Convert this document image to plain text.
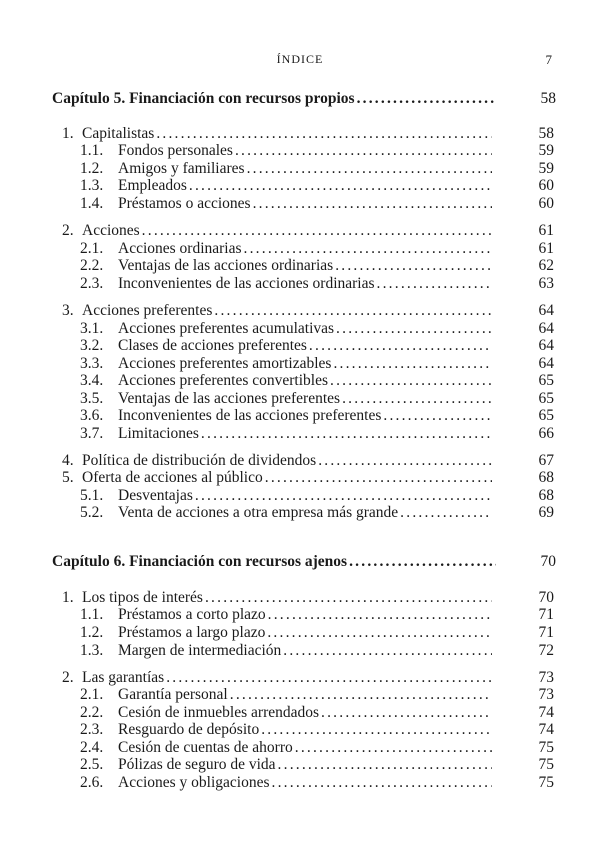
ÍNDICE	7
Capítulo 5. Financiación con recursos propios .....	58
1. Capitalistas .....	58
1.1. Fondos personales .....	59
1.2. Amigos y familiares .....	59
1.3. Empleados .....	60
1.4. Préstamos o acciones .....	60
2. Acciones .....	61
2.1. Acciones ordinarias .....	61
2.2. Ventajas de las acciones ordinarias .....	62
2.3. Inconvenientes de las acciones ordinarias .....	63
3. Acciones preferentes .....	64
3.1. Acciones preferentes acumulativas .....	64
3.2. Clases de acciones preferentes .....	64
3.3. Acciones preferentes amortizables .....	64
3.4. Acciones preferentes convertibles .....	65
3.5. Ventajas de las acciones preferentes .....	65
3.6. Inconvenientes de las acciones preferentes .....	65
3.7. Limitaciones .....	66
4. Política de distribución de dividendos .....	67
5. Oferta de acciones al público .....	68
5.1. Desventajas .....	68
5.2. Venta de acciones a otra empresa más grande .....	69
Capítulo 6. Financiación con recursos ajenos .....	70
1. Los tipos de interés .....	70
1.1. Préstamos a corto plazo .....	71
1.2. Préstamos a largo plazo .....	71
1.3. Margen de intermediación .....	72
2. Las garantías .....	73
2.1. Garantía personal .....	73
2.2. Cesión de inmuebles arrendados .....	74
2.3. Resguardo de depósito .....	74
2.4. Cesión de cuentas de ahorro .....	75
2.5. Pólizas de seguro de vida .....	75
2.6. Acciones y obligaciones .....	75
